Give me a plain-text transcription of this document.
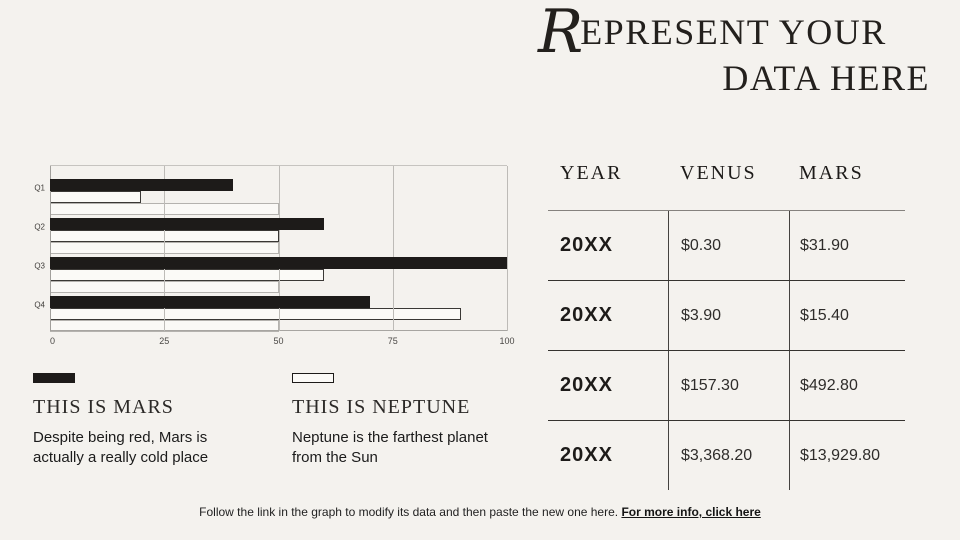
REPRESENT YOUR
DATA HERE
0	25	50	75	100
Q1
Q2
Q3
Q4
THIS IS MARS
Despite being red, Mars is actually a really cold place
THIS IS NEPTUNE
Neptune is the farthest planet from the Sun
YEAR	VENUS	MARS
20XX	$0.30	$31.90
20XX	$3.90	$15.40
20XX	$157.30	$492.80
20XX	$3,368.20	$13,929.80
Follow the link in the graph to modify its data and then paste the new one here. For more info, click here
